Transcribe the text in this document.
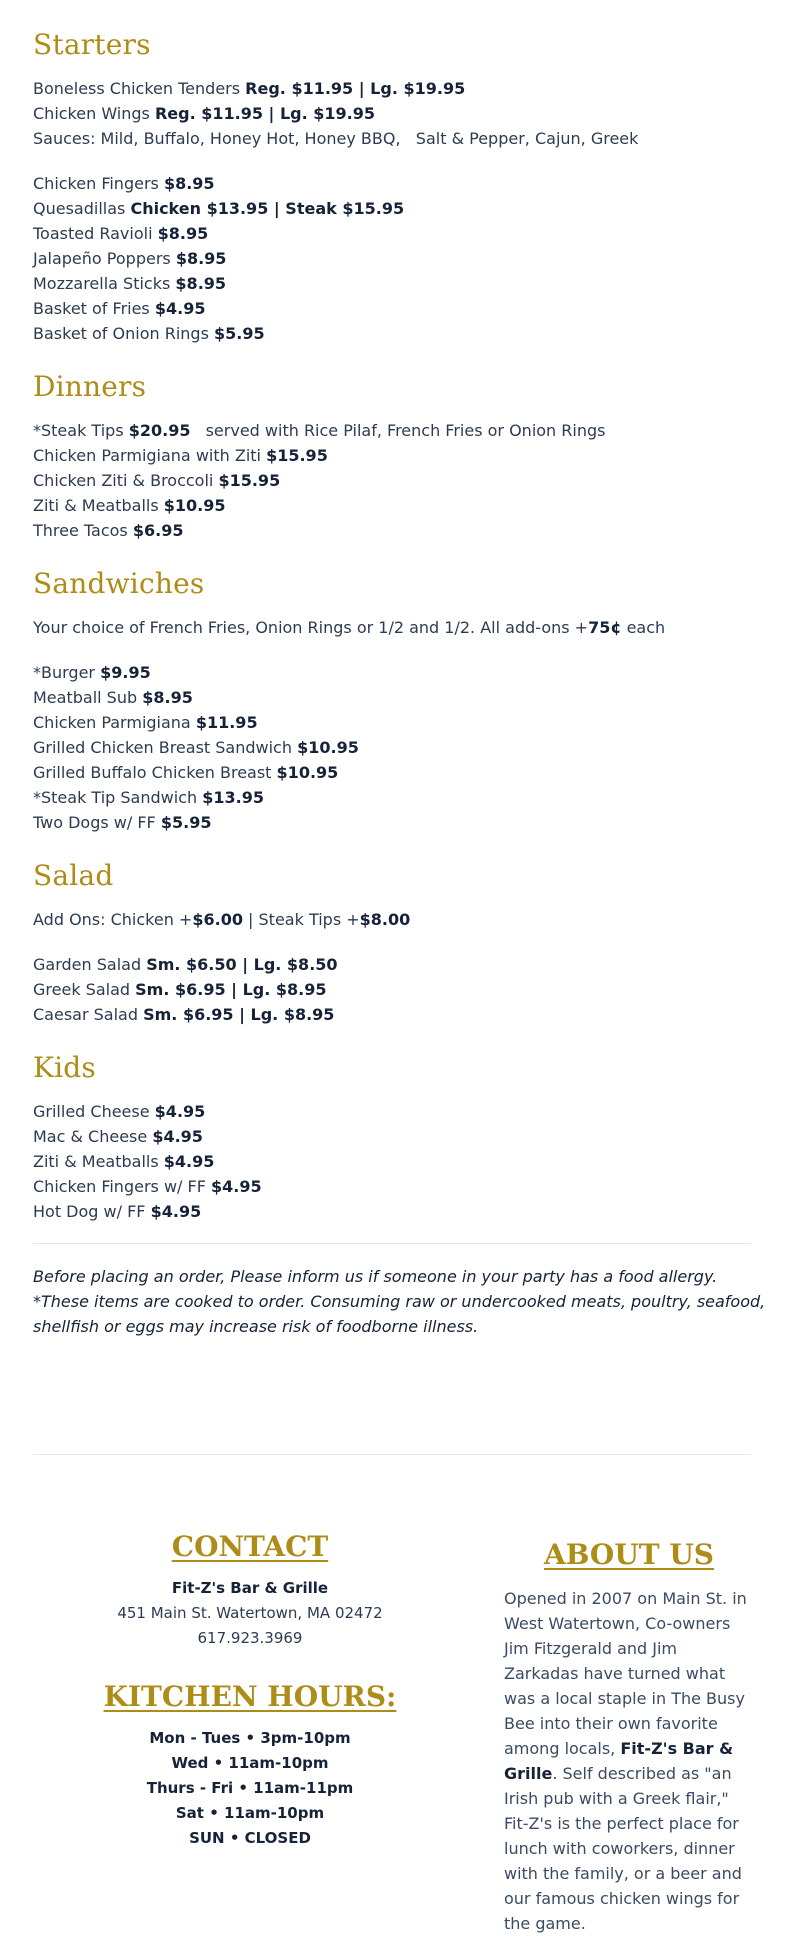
Starters
Boneless Chicken Tenders Reg. $11.95 | Lg. $19.95
Chicken Wings Reg. $11.95 | Lg. $19.95
Sauces: Mild, Buffalo, Honey Hot, Honey BBQ,   Salt & Pepper, Cajun, Greek
Chicken Fingers $8.95
Quesadillas Chicken $13.95 | Steak $15.95
Toasted Ravioli $8.95
Jalapeño Poppers $8.95
Mozzarella Sticks $8.95
Basket of Fries $4.95
Basket of Onion Rings $5.95
Dinners
*Steak Tips $20.95 served with Rice Pilaf, French Fries or Onion Rings
Chicken Parmigiana with Ziti $15.95
Chicken Ziti & Broccoli $15.95
Ziti & Meatballs $10.95
Three Tacos $6.95
Sandwiches
Your choice of French Fries, Onion Rings or 1/2 and 1/2. All add-ons +75¢ each
*Burger $9.95
Meatball Sub $8.95
Chicken Parmigiana $11.95
Grilled Chicken Breast Sandwich $10.95
Grilled Buffalo Chicken Breast $10.95
*Steak Tip Sandwich $13.95
Two Dogs w/ FF $5.95
Salad
Add Ons: Chicken +$6.00 | Steak Tips +$8.00
Garden Salad Sm. $6.50 | Lg. $8.50
Greek Salad Sm. $6.95 | Lg. $8.95
Caesar Salad Sm. $6.95 | Lg. $8.95
Kids
Grilled Cheese $4.95
Mac & Cheese $4.95
Ziti & Meatballs $4.95
Chicken Fingers w/ FF $4.95
Hot Dog w/ FF $4.95
Before placing an order, Please inform us if someone in your party has a food allergy.
*These items are cooked to order. Consuming raw or undercooked meats, poultry, seafood,
shellfish or eggs may increase risk of foodborne illness.
CONTACT
Fit-Z's Bar & Grille
451 Main St. Watertown, MA 02472
617.923.3969
KITCHEN HOURS:
Mon - Tues • 3pm-10pm
Wed • 11am-10pm
Thurs - Fri • 11am-11pm
Sat • 11am-10pm
SUN • CLOSED
ABOUT US

Opened in 2007 on Main St. in West Watertown, Co-owners Jim Fitzgerald and Jim Zarkadas have turned what was a local staple in The Busy Bee into their own favorite among locals, Fit-Z's Bar & Grille. Self described as "an Irish pub with a Greek flair," Fit-Z's is the perfect place for lunch with coworkers, dinner with the family, or a beer and our famous chicken wings for the game.
